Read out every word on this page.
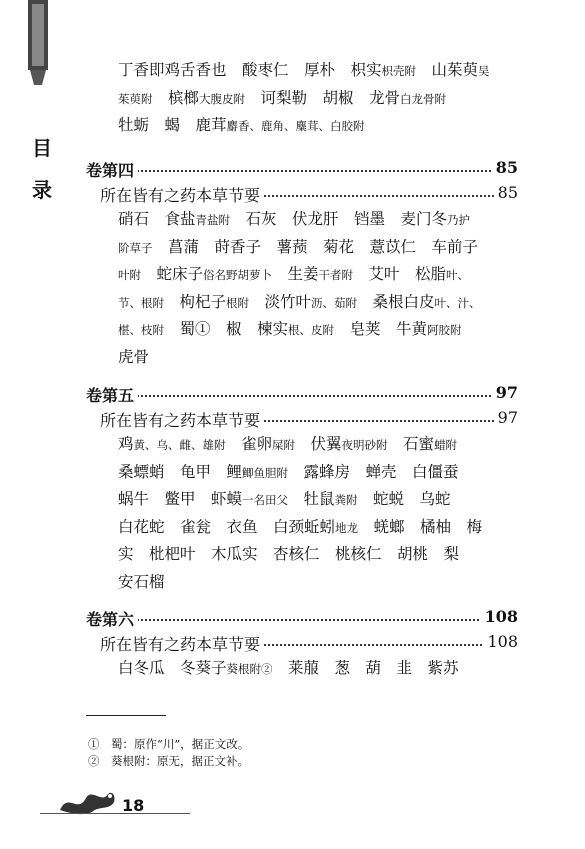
目
录
丁香即鸡舌香也　酸枣仁　厚朴　枳实枳壳附　山茱萸吴
茱萸附　槟榔大腹皮附　诃梨勒　胡椒　龙骨白龙骨附
牡蛎　蝎　鹿茸麝香、鹿角、麋茸、白胶附
卷第四	85
所在皆有之药本草节要	85
硝石　食盐青盐附　石灰　伏龙肝　铛墨　麦门冬乃护
阶草子　菖蒲　莳香子　薯蓣　菊花　薏苡仁　车前子
叶附　蛇床子俗名野胡萝卜　生姜干者附　艾叶　松脂叶、
节、根附　枸杞子根附　淡竹叶沥、茹附　桑根白皮叶、汁、
椹、枝附　蜀①　椒　楝实根、皮附　皂荚　牛黄阿胶附
虎骨
卷第五	97
所在皆有之药本草节要	97
鸡黄、乌、雌、雄附　雀卵屎附　伏翼夜明砂附　石蜜蜡附
桑螵蛸　龟甲　鲤鲫鱼胆附　露蜂房　蝉壳　白僵蚕
蜗牛　鳖甲　虾蟆一名田父　牡鼠粪附　蛇蜕　乌蛇
白花蛇　雀瓮　衣鱼　白颈蚯蚓地龙　蜣螂　橘柚　梅
实　枇杷叶　木瓜实　杏核仁　桃核仁　胡桃　梨
安石榴
卷第六	108
所在皆有之药本草节要	108
白冬瓜　冬葵子葵根附②　莱菔　葱　葫　韭　紫苏
①　蜀：原作“川”，据正文改。
②　葵根附：原无，据正文补。
18
